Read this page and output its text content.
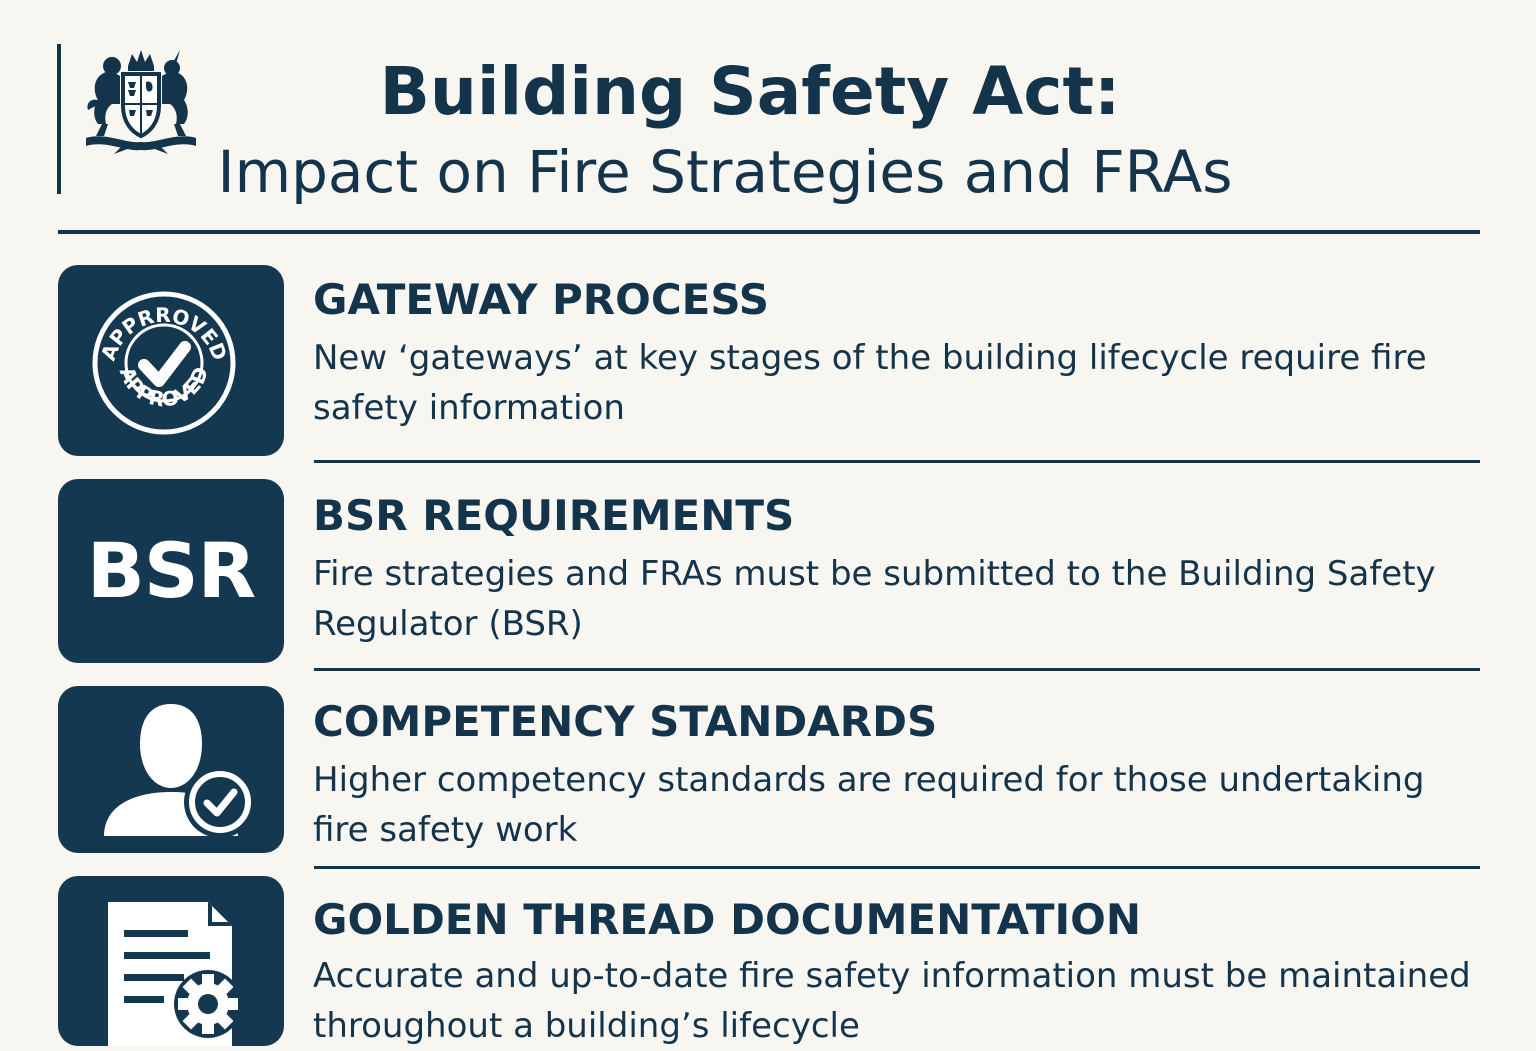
Building Safety Act:
Impact on Fire Strategies and FRAs
APPRROVED
APPROVED
GATEWAY PROCESS
New ‘gateways’ at key stages of the building lifecycle require fire safety information
BSR
BSR REQUIREMENTS
Fire strategies and FRAs must be submitted to the Building Safety Regulator (BSR)
COMPETENCY STANDARDS
Higher competency standards are required for those undertaking fire safety work
GOLDEN THREAD DOCUMENTATION
Accurate and up-to-date fire safety information must be maintained throughout a building’s lifecycle
